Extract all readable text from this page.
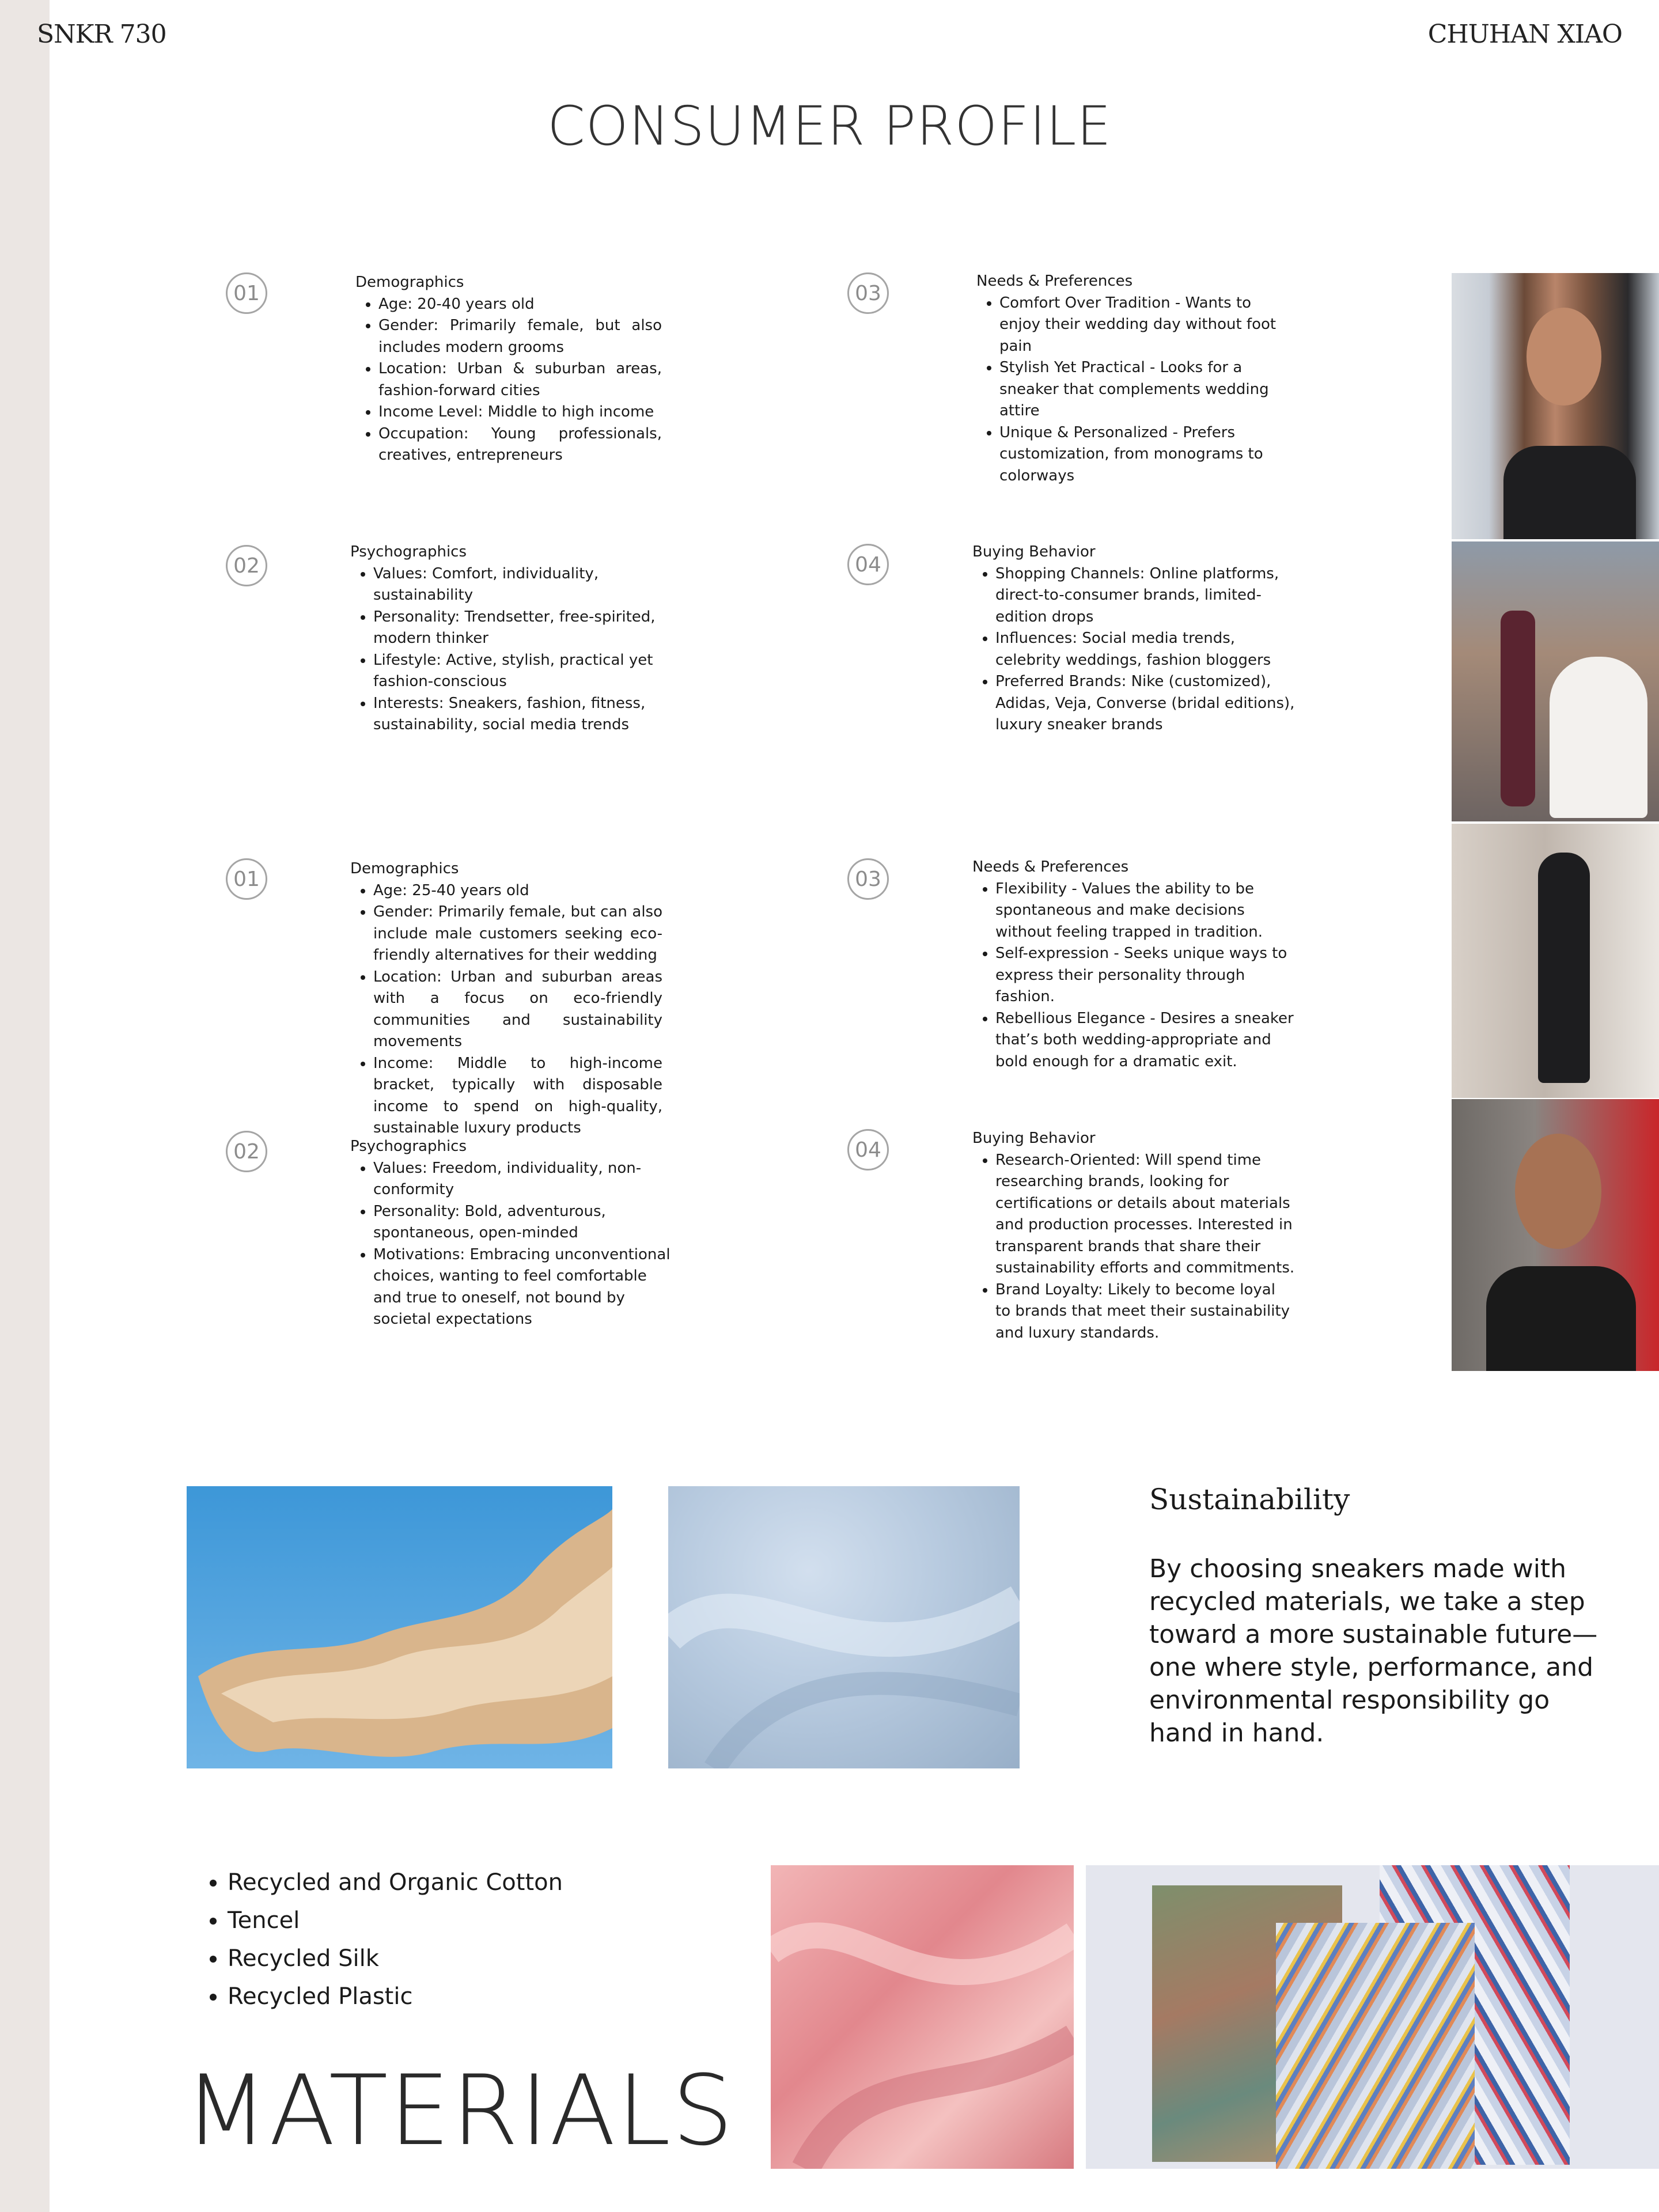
SNKR 730	CHUHAN XIAO
CONSUMER PROFILE
01	Demographics
• Age: 20-40 years old
• Gender: Primarily female, but also includes modern grooms
• Location: Urban & suburban areas, fashion-forward cities
• Income Level: Middle to high income
• Occupation: Young professionals, creatives, entrepreneurs
02
Psychographics
• Values: Comfort, individuality, sustainability
• Personality: Trendsetter, free-spirited, modern thinker
• Lifestyle: Active, stylish, practical yet fashion-conscious
• Interests: Sneakers, fashion, fitness, sustainability, social media trends
03
Needs & Preferences
• Comfort Over Tradition - Wants to enjoy their wedding day without foot pain
• Stylish Yet Practical - Looks for a sneaker that complements wedding attire
• Unique & Personalized - Prefers customization, from monograms to colorways
04
Buying Behavior
• Shopping Channels: Online platforms, direct-to-consumer brands, limited-edition drops
• Influences: Social media trends, celebrity weddings, fashion bloggers
• Preferred Brands: Nike (customized), Adidas, Veja, Converse (bridal editions), luxury sneaker brands
01	Demographics
• Age: 25-40 years old
• Gender: Primarily female, but can also include male customers seeking eco-friendly alternatives for their wedding
• Location: Urban and suburban areas with a focus on eco-friendly communities and sustainability movements
• Income: Middle to high-income bracket, typically with disposable income to spend on high-quality, sustainable luxury products
02	Psychographics
• Values: Freedom, individuality, non-conformity
• Personality: Bold, adventurous, spontaneous, open-minded
• Motivations: Embracing unconventional choices, wanting to feel comfortable and true to oneself, not bound by societal expectations
03
Needs & Preferences
• Flexibility - Values the ability to be spontaneous and make decisions without feeling trapped in tradition.
• Self-expression - Seeks unique ways to express their personality through fashion.
• Rebellious Elegance - Desires a sneaker that’s both wedding-appropriate and bold enough for a dramatic exit.
04	Buying Behavior
• Research-Oriented: Will spend time researching brands, looking for certifications or details about materials and production processes. Interested in transparent brands that share their sustainability efforts and commitments.
• Brand Loyalty: Likely to become loyal to brands that meet their sustainability and luxury standards.
Sustainability
By choosing sneakers made with recycled materials, we take a step toward a more sustainable future—one where style, performance, and environmental responsibility go hand in hand.
• Recycled and Organic Cotton
• Tencel
• Recycled Silk
• Recycled Plastic
MATERIALS
